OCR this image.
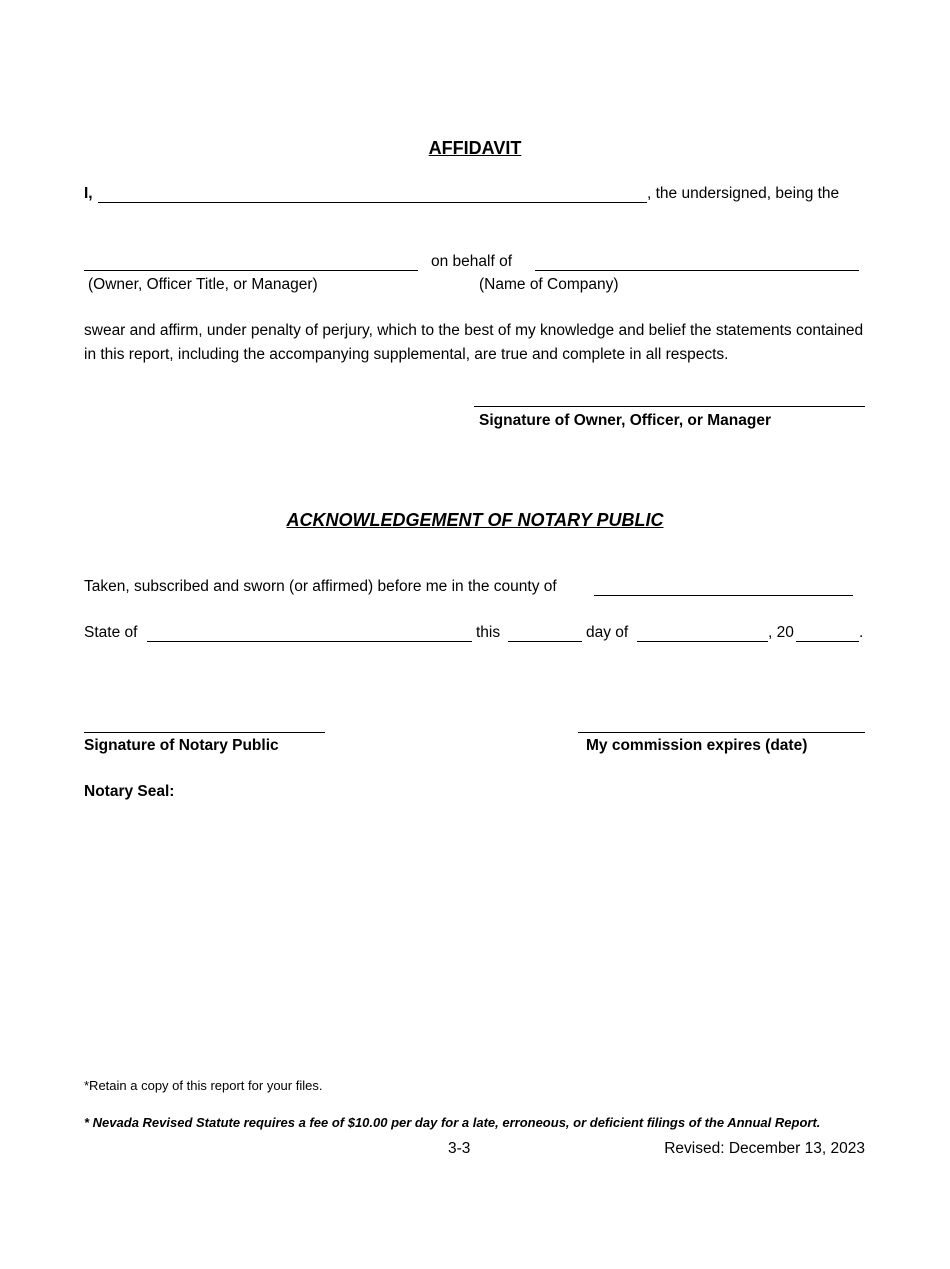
AFFIDAVIT
I,	, the undersigned, being the
on behalf of
(Owner, Officer Title, or Manager)	(Name of Company)
swear and affirm, under penalty of perjury, which to the best of my knowledge and belief the statements contained in this report, including the accompanying supplemental, are true and complete in all respects.
Signature of Owner, Officer, or Manager
ACKNOWLEDGEMENT OF NOTARY PUBLIC
Taken, subscribed and sworn (or affirmed) before me in the county of
State of	this	day of	, 20	.
Signature of Notary Public	My commission expires (date)
Notary Seal:
*Retain a copy of this report for your files.
* Nevada Revised Statute requires a fee of $10.00 per day for a late, erroneous, or deficient filings of the Annual Report.
3-3	Revised: December 13, 2023
